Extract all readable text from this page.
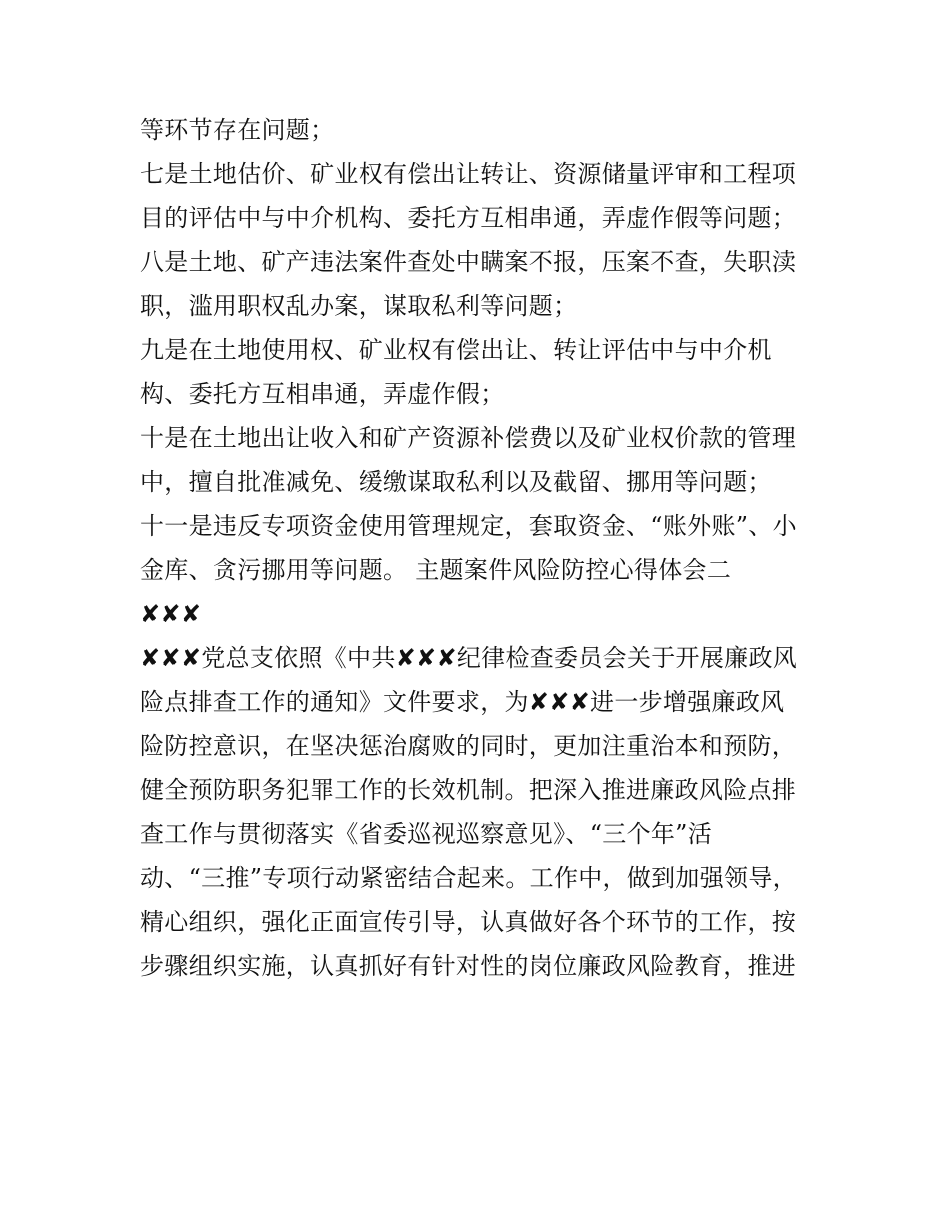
等环节存在问题；
七是土地估价、矿业权有偿出让转让、资源储量评审和工程项
目的评估中与中介机构、委托方互相串通，弄虚作假等问题；
八是土地、矿产违法案件查处中瞒案不报，压案不查，失职渎
职，滥用职权乱办案，谋取私利等问题；
九是在土地使用权、矿业权有偿出让、转让评估中与中介机
构、委托方互相串通，弄虚作假；
十是在土地出让收入和矿产资源补偿费以及矿业权价款的管理
中，擅自批准减免、缓缴谋取私利以及截留、挪用等问题；
十一是违反专项资金使用管理规定，套取资金、“账外账”、小
金库、贪污挪用等问题。 主题案件风险防控心得体会二
✘✘✘
✘✘✘党总支依照《中共✘✘✘纪律检查委员会关于开展廉政风
险点排查工作的通知》文件要求，为✘✘✘进一步增强廉政风
险防控意识，在坚决惩治腐败的同时，更加注重治本和预防，
健全预防职务犯罪工作的长效机制。把深入推进廉政风险点排
查工作与贯彻落实《省委巡视巡察意见》、“三个年”活
动、“三推”专项行动紧密结合起来。工作中，做到加强领导，
精心组织，强化正面宣传引导，认真做好各个环节的工作，按
步骤组织实施，认真抓好有针对性的岗位廉政风险教育，推进
